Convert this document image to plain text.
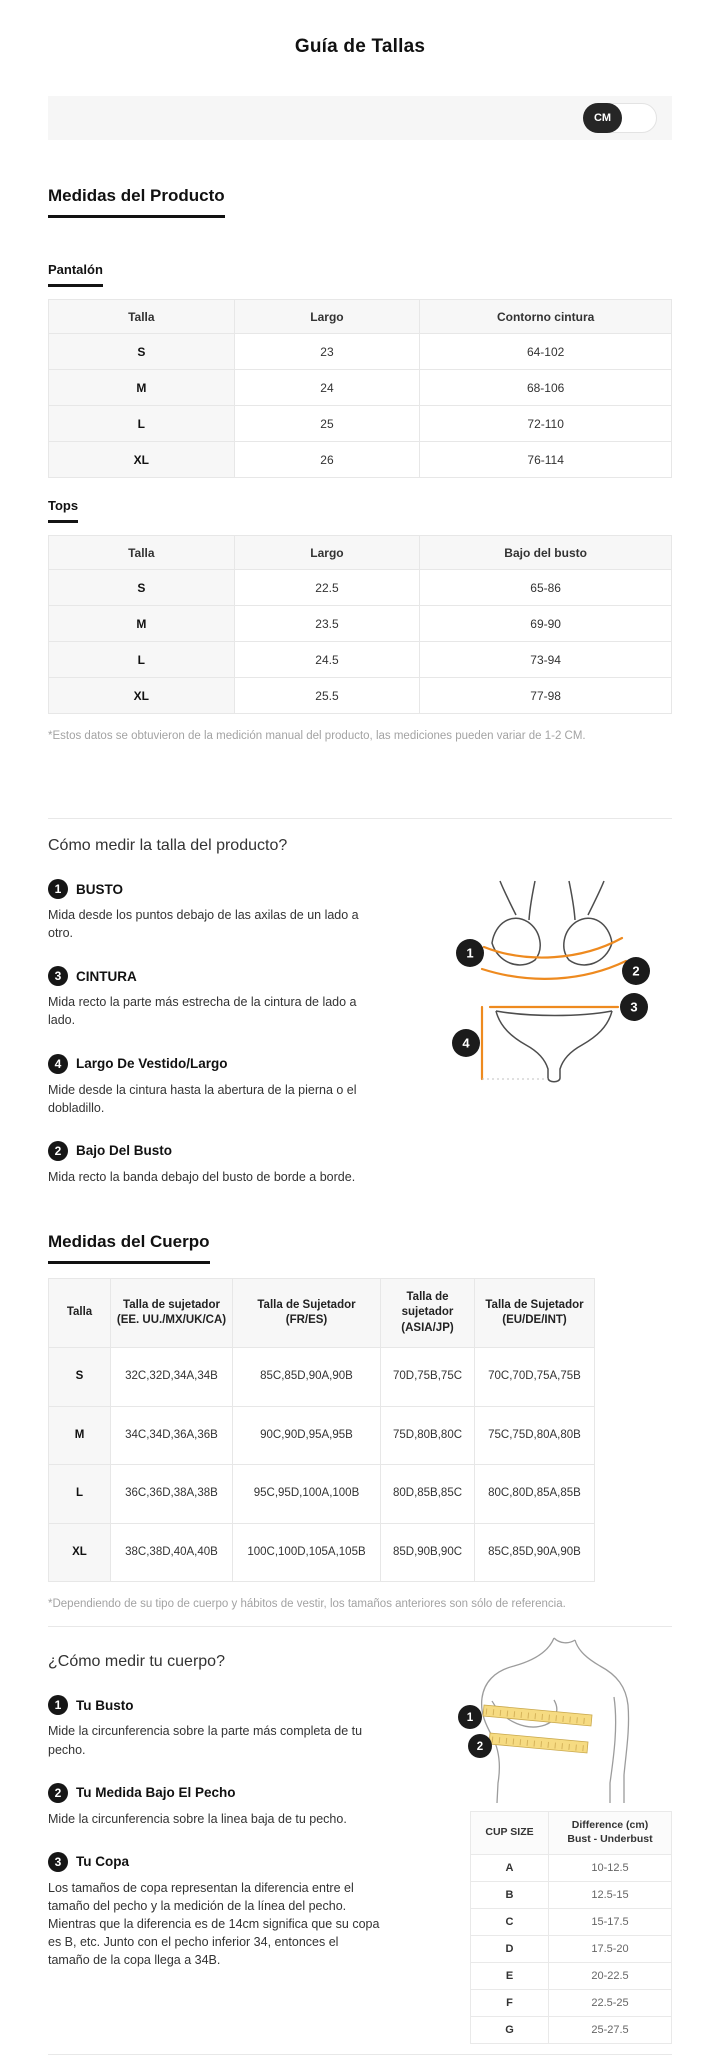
Guía de Tallas
CM
Medidas del Producto
Pantalón
Talla	Largo	Contorno cintura
S	23	64-102
M	24	68-106
L	25	72-110
XL	26	76-114
Tops
Talla	Largo	Bajo del busto
S	22.5	65-86
M	23.5	69-90
L	24.5	73-94
XL	25.5	77-98

*Estos datos se obtuvieron de la medición manual del producto, las mediciones pueden variar de 1-2 CM.

Cómo medir la talla del producto?
1	BUSTO

Mida desde los puntos debajo de las axilas de un lado a otro.

3	CINTURA

Mida recto la parte más estrecha de la cintura de lado a lado.

4	Largo De Vestido/Largo

Mide desde la cintura hasta la abertura de la pierna o el dobladillo.

2	Bajo Del Busto

Mida recto la banda debajo del busto de borde a borde.

1
2
3
4
Medidas del Cuerpo
Talla	Talla de sujetador (EE. UU./MX/UK/CA)	Talla de Sujetador (FR/ES)	Talla de sujetador (ASIA/JP)	Talla de Sujetador (EU/DE/INT)
S	32C,32D,34A,34B	85C,85D,90A,90B	70D,75B,75C	70C,70D,75A,75B
M	34C,34D,36A,36B	90C,90D,95A,95B	75D,80B,80C	75C,75D,80A,80B
L	36C,36D,38A,38B	95C,95D,100A,100B	80D,85B,85C	80C,80D,85A,85B
XL	38C,38D,40A,40B	100C,100D,105A,105B	85D,90B,90C	85C,85D,90A,90B

*Dependiendo de su tipo de cuerpo y hábitos de vestir, los tamaños anteriores son sólo de referencia.

¿Cómo medir tu cuerpo?
1	Tu Busto

Mide la circunferencia sobre la parte más completa de tu pecho.

2	Tu Medida Bajo El Pecho

Mide la circunferencia sobre la linea baja de tu pecho.

3	Tu Copa

Los tamaños de copa representan la diferencia entre el tamaño del pecho y la medición de la línea del pecho. Mientras que la diferencia es de 14cm significa que su copa es B, etc. Junto con el pecho inferior 34, entonces el tamaño de la copa llega a 34B.

1
2
CUP SIZE	Difference (cm)
Bust - Underbust
A	10-12.5
B	12.5-15
C	15-17.5
D	17.5-20
E	20-22.5
F	22.5-25
G	25-27.5
